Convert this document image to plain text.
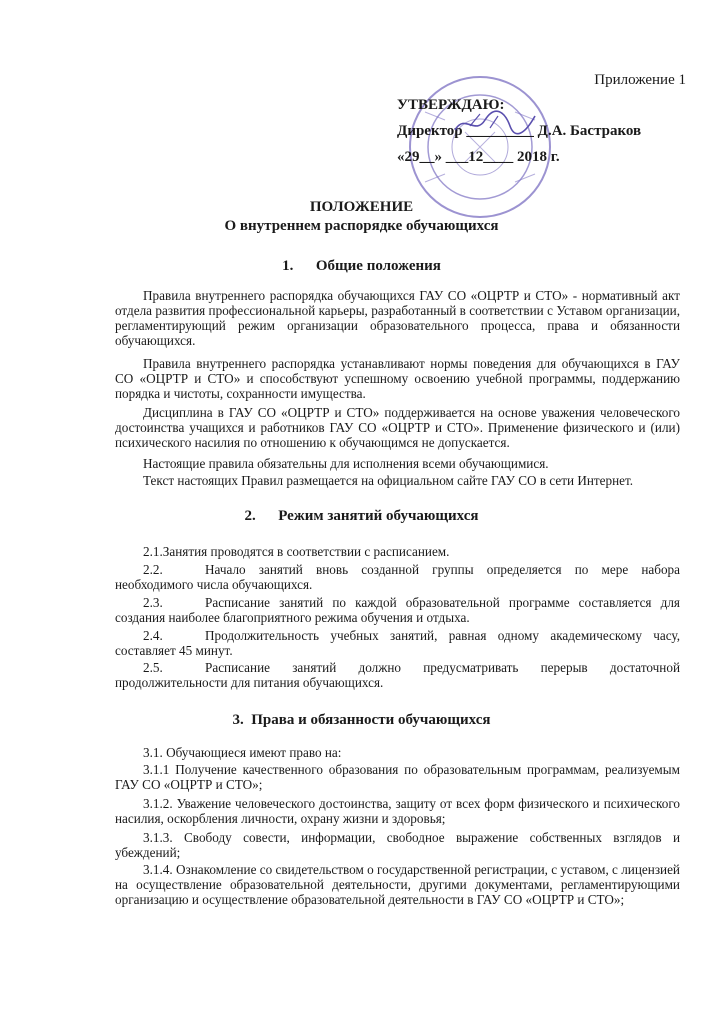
Приложение 1
УТВЕРЖДАЮ:
Директор _________ Д.А. Бастраков
«29__» ___12____ 2018 г.
ПОЛОЖЕНИЕ
О внутреннем распорядке обучающихся
1.      Общие положения
Правила внутреннего распорядка обучающихся ГАУ СО «ОЦРТР и СТО» - нормативный акт отдела развития профессиональной карьеры, разработанный в соответствии с Уставом организации, регламентирующий режим организации образовательного процесса, права и обязанности обучающихся.
Правила внутреннего распорядка устанавливают нормы поведения для обучающихся в ГАУ СО «ОЦРТР и СТО» и способствуют успешному освоению учебной программы, поддержанию порядка и чистоты, сохранности имущества.
Дисциплина в ГАУ СО «ОЦРТР и СТО» поддерживается на основе уважения человеческого достоинства учащихся и работников ГАУ СО «ОЦРТР и СТО». Применение физического и (или) психического насилия по отношению к обучающимся не допускается.
Настоящие правила обязательны для исполнения всеми обучающимися.
Текст настоящих Правил размещается на официальном сайте ГАУ СО в сети Интернет.
2.      Режим занятий обучающихся
2.1.Занятия проводятся в соответствии с расписанием.
2.2.	Начало занятий вновь созданной группы определяется по мере набора необходимого числа обучающихся.
2.3.	Расписание занятий по каждой образовательной программе составляется для создания наиболее благоприятного режима обучения и отдыха.
2.4.	Продолжительность учебных занятий, равная одному академическому часу, составляет 45 минут.
2.5.	Расписание занятий должно предусматривать перерыв достаточной продолжительности для питания обучающихся.
3.  Права и обязанности обучающихся
3.1. Обучающиеся имеют право на:
3.1.1 Получение качественного образования по образовательным программам, реализуемым ГАУ СО «ОЦРТР и СТО»;
3.1.2. Уважение человеческого достоинства, защиту от всех форм физического и психического насилия, оскорбления личности, охрану жизни и здоровья;
3.1.3. Свободу совести, информации, свободное выражение собственных взглядов и убеждений;
3.1.4. Ознакомление со свидетельством о государственной регистрации, с уставом, с лицензией на осуществление образовательной деятельности, другими документами, регламентирующими организацию и осуществление образовательной деятельности в ГАУ СО «ОЦРТР и СТО»;
